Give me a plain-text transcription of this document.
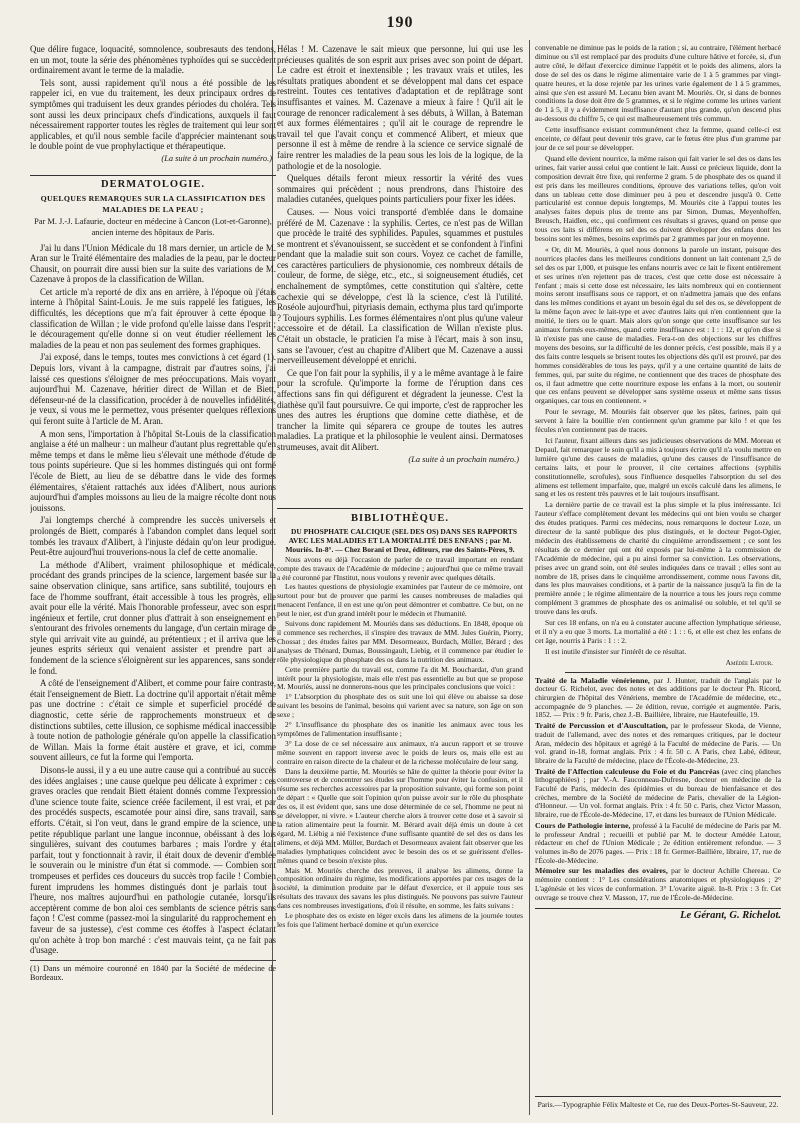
190

Que délire fugace, loquacité, somnolence, soubresauts des tendons, en un mot, toute la série des phénomènes typhoïdes qui se succèdent ordinairement avant le terme de la maladie.

Tels sont, aussi rapidement qu'il nous a été possible de les rappeler ici, en vue du traitement, les deux principaux ordres de symptômes qui traduisent les deux grandes périodes du choléra. Tels sont aussi les deux principaux chefs d'indications, auxquels il faut nécessairement rapporter toutes les règles de traitement qui leur sont applicables, et qu'il nous semble facile d'apprécier maintenant sous le double point de vue prophylactique et thérapeutique.

(La suite à un prochain numéro.)
DERMATOLOGIE.
QUELQUES REMARQUES SUR LA CLASSIFICATION DES MALADIES DE LA PEAU ;
Par M. J.-J. Lafaurie, docteur en médecine à Cancon (Lot-et-Garonne), ancien interne des hôpitaux de Paris.

J'ai lu dans l'Union Médicale du 18 mars dernier, un article de M. Aran sur le Traité élémentaire des maladies de la peau, par le docteur Chausit, on pourrait dire aussi bien sur la suite des variations de M. Cazenave à propos de la classification de Willan.

Cet article m'a reporté de dix ans en arrière, à l'époque où j'étais interne à l'hôpital Saint-Louis. Je me suis rappelé les fatigues, les difficultés, les déceptions que m'a fait éprouver à cette époque la classification de Willan ; le vide profond qu'elle laisse dans l'esprit ; le découragement qu'elle donne si on veut étudier réellement les maladies de la peau et non pas seulement des formes graphiques.

J'ai exposé, dans le temps, toutes mes convictions à cet égard (1). Depuis lors, vivant à la campagne, distrait par d'autres soins, j'ai laissé ces questions s'éloigner de mes préoccupations. Mais voyant aujourd'hui M. Cazenave, héritier direct de Willan et de Biett, défenseur-né de la classification, procéder à de nouvelles infidélités, je veux, si vous me le permettez, vous présenter quelques réflexions qui feront suite à l'article de M. Aran.

A mon sens, l'importation à l'hôpital St-Louis de la classification anglaise a été un malheur : un malheur d'autant plus regrettable qu'en même temps et dans le même lieu s'élevait une méthode d'étude de tous points supérieure. Que si les hommes distingués qui ont formé l'école de Biett, au lieu de se débattre dans le vide des formes élémentaires, s'étaient rattachés aux idées d'Alibert, nous aurions aujourd'hui d'amples moissons au lieu de la maigre récolte dont nous jouissons.

J'ai longtemps cherché à comprendre les succès universels et prolongés de Biett, comparés à l'abandon complet dans lequel sont tombés les travaux d'Alibert, à l'injuste dédain qu'on leur prodigue. Peut-être aujourd'hui trouverions-nous la clef de cette anomalie.

La méthode d'Alibert, vraiment philosophique et médicale, procédant des grands principes de la science, largement basée sur la saine observation clinique, sans artifice, sans subtilité, toujours en face de l'homme souffrant, était accessible à tous les progrès, elle avait pour elle la vérité. Mais l'honorable professeur, avec son esprit ingénieux et fertile, crut donner plus d'attrait à son enseignement en s'entourant des frivoles ornements du langage, d'un certain mirage de style qui arrivait vite au guindé, au prétentieux ; et il arriva que les jeunes esprits sérieux qui venaient assister et prendre part au fondement de la science s'éloignèrent sur les apparences, sans sonder le fond.

A côté de l'enseignement d'Alibert, et comme pour faire contraste, était l'enseignement de Biett. La doctrine qu'il apportait n'était même pas une doctrine : c'était ce simple et superficiel procédé de diagnostic, cette série de rapprochements monstrueux et de distinctions subtiles, cette illusion, ce sophisme médical inaccessible à toute notion de pathologie générale qu'on appelle la classification de Willan. Mais la forme était austère et grave, et ici, comme souvent ailleurs, ce fut la forme qui l'emporta.

Disons-le aussi, il y a eu une autre cause qui a contribué au succès des idées anglaises ; une cause quelque peu délicate à exprimer : ces graves oracles que rendait Biett étaient donnés comme l'expression d'une science toute faite, science créée facilement, il est vrai, et par des procédés suspects, escamotée pour ainsi dire, sans travail, sans efforts. C'était, si l'on veut, dans le grand empire de la science, une petite république parlant une langue inconnue, obéissant à des lois singulières, suivant des coutumes barbares ; mais l'ordre y était parfait, tout y fonctionnait à ravir, il était doux de devenir d'emblée le souverain ou le ministre d'un état si commode. — Combien sont trompeuses et perfides ces douceurs du succès trop facile ! Combien furent imprudens les hommes distingués dont je parlais tout à l'heure, nos maîtres aujourd'hui en pathologie cutanée, lorsqu'ils acceptèrent comme de bon aloi ces semblants de science pétris sans façon ! C'est comme (passez-moi la singularité du rapprochement en faveur de sa justesse), c'est comme ces étoffes à l'aspect éclatant qu'on achète à trop bon marché : c'est mauvais teint, ça ne fait pas d'usage.

(1) Dans un mémoire couronné en 1840 par la Société de médecine de Bordeaux.

Hélas ! M. Cazenave le sait mieux que personne, lui qui use les précieuses qualités de son esprit aux prises avec son point de départ. Le cadre est étroit et inextensible ; les travaux vrais et utiles, les résultats pratiques abondent et se développent mal dans cet espace restreint. Toutes ces tentatives d'adaptation et de replâtrage sont insuffisantes et vaines. M. Cazenave a mieux à faire ! Qu'il ait le courage de renoncer radicalement à ses débuts, à Willan, à Bateman et aux formes élémentaires ; qu'il ait le courage de reprendre le travail tel que l'avait conçu et commencé Alibert, et mieux que personne il est à même de rendre à la science ce service signalé de faire rentrer les maladies de la peau sous les lois de la logique, de la pathologie et de la nosologie.

Quelques détails feront mieux ressortir la vérité des vues sommaires qui précèdent ; nous prendrons, dans l'histoire des maladies cutanées, quelques points particuliers pour fixer les idées.

Causes. — Nous voici transporté d'emblée dans le domaine préféré de M. Cazenave : la syphilis. Certes, ce n'est pas de Willan que procède le traité des syphilides. Papules, squammes et pustules se montrent et s'évanouissent, se succèdent et se confondent à l'infini pendant que la maladie suit son cours. Voyez ce cachet de famille, ces caractères particuliers de physionomie, ces nombreux détails de couleur, de forme, de siège, etc., etc., si soigneusement étudiés, cet enchaînement de symptômes, cette constitution qui s'altère, cette cachexie qui se développe, c'est là la science, c'est là l'utilité. Roséole aujourd'hui, pityriasis demain, ecthyma plus tard qu'importe ? Toujours syphilis. Les formes élémentaires n'ont plus qu'une valeur accessoire et de détail. La classification de Willan n'existe plus. C'était un obstacle, le praticien l'a mise à l'écart, mais à son insu, sans se l'avouer, c'est au chapitre d'Alibert que M. Cazenave a aussi merveilleusement développé et enrichi.

Ce que l'on fait pour la syphilis, il y a le même avantage à le faire pour la scrofule. Qu'importe la forme de l'éruption dans ces affections sans fin qui défigurent et dégradent la jeunesse. C'est la diathèse qu'il faut poursuivre. Ce qui importe, c'est de rapprocher les unes des autres les éruptions que domine cette diathèse, et de trancher la limite qui séparera ce groupe de toutes les autres maladies. La pratique et la philosophie le veulent ainsi. Dermatoses strumeuses, avait dit Alibert.

(La suite à un prochain numéro.)
BIBLIOTHÈQUE.

DU PHOSPHATE CALCIQUE (SEL DES OS) DANS SES RAPPORTS AVEC LES MALADIES ET LA MORTALITÉ DES ENFANS ; par M. Mouriès. In-8°. — Chez Borani et Droz, éditeurs, rue des Saints-Pères, 9.

Nous avons eu déjà l'occasion de parler de ce travail important en rendant compte des travaux de l'Académie de médecine ; aujourd'hui que ce même travail a été couronné par l'Institut, nous voulons y revenir avec quelques détails.

Les hautes questions de physiologie examinées par l'auteur de ce mémoire, ont surtout pour but de prouver que parmi les causes nombreuses de maladies qui menacent l'enfance, il en est une qu'on peut démontrer et combattre. Ce but, on ne peut le nier, est d'un grand intérêt pour le médecin et l'humanité.

Suivons donc rapidement M. Mouriès dans ses déductions. En 1848, époque où il commence ses recherches, il s'inspire des travaux de MM. Jules Guérin, Piorry, Chossat ; des études faites par MM. Desormeaux, Burdach, Müller, Bérard ; des analyses de Thénard, Dumas, Boussingault, Liebig, et il commence par étudier le rôle physiologique du phosphate des os dans la nutrition des animaux.

Cette première partie du travail est, comme l'a dit M. Bouchardat, d'un grand intérêt pour la physiologiste, mais elle n'est pas essentielle au but que se propose M. Mouriès, aussi ne donnerons-nous que les principales conclusions que voici :

1° L'absorption du phosphate des os suit une loi qui élève ou abaisse sa dose suivant les besoins de l'animal, besoins qui varient avec sa nature, son âge on son sexe ;

2° L'insuffisance du phosphate des os inanitie les animaux avec tous les symptômes de l'alimentation insuffisante ;

3° La dose de ce sel nécessaire aux animaux, n'a aucun rapport et se trouve même souvent en rapport inverse avec le poids de leurs os, mais elle est au contraire en raison directe de la chaleur et de la richesse moléculaire de leur sang.

Dans la deuxième partie, M. Mouriès se hâte de quitter la théorie pour éviter la controverse et de concentrer ses études sur l'homme pour éviter la confusion, et il résume ses recherches accessoires par la proposition suivante, qui forme son point de départ : « Quelle que soit l'opinion qu'on puisse avoir sur le rôle du phosphate des os, il est évident que, sans une dose déterminée de ce sel, l'homme ne peut ni se développer, ni vivre. » L'auteur cherche alors à trouver cette dose et à savoir si la ration alimentaire peut la fournir. M. Bérard avait déjà émis un doute à cet égard, M. Liébig a nié l'existence d'une suffisante quantité de sel des os dans les alimens, et déjà MM. Müller, Burdach et Desormeaux avaient fait observer que les maladies lymphatiques coïncident avec le besoin des os et se guérissent d'elles-mêmes quand ce besoin n'existe plus.

Mais M. Mouriès cherche des preuves, il analyse les alimens, donne la composition ordinaire du régime, les modifications apportées par ces usages de la société, la diminution produite par le défaut d'exercice, et il appuie tous ses résultats des travaux des savans les plus distingués. Ne pouvons pas suivre l'auteur dans ces nombreuses investigations, d'où il résulte, en somme, les faits suivans :

Le phosphate des os existe en léger excès dans les alimens de la journée toutes les fois que l'aliment herbacé domine et qu'un exercice

convenable ne diminue pas le poids de la ration ; si, au contraire, l'élément herbacé diminue ou s'il est remplacé par des produits d'une culture hâtive et forcée, si, d'un autre côté, le défaut d'exercice diminue l'appétit et le poids des alimens, alors la dose de sel des os dans le régime alimentaire varie de 1 à 5 grammes par vingt-quatre heures, et la dose rejetée par les urines varie également de 1 à 5 grammes, ainsi que s'en est assuré M. Lecanu bien avant M. Mouriès. Or, si dans de bonnes conditions la dose doit être de 5 grammes, et si le régime comme les urines varient de 1 à 5, il y a évidemment insuffisance d'autant plus grande, qu'on descend plus au-dessous du chiffre 5, ce qui est malheureusement très commun.

Cette insuffisance existant communément chez la femme, quand celle-ci est enceinte, ce défaut peut devenir très grave, car le fœtus étre plus d'un gramme par jour de ce sel pour se développer.

Quand elle devient nourrice, la même raison qui fait varier le sel des os dans les urines, fait varier aussi celui que contient le lait. Aussi ce précieux liquide, dont la composition devrait être fixe, qui renferme 2 gram. 5 de phosphate des os quand il est pris dans les meilleures conditions, éprouve des variations telles, qu'on voit dans un tableau cette dose diminuer peu à peu et descendre jusqu'à 0. Cette particularité est connue depuis longtemps, M. Mouriès cite à l'appui toutes les analyses faites depuis plus de trente ans par Simon, Dumas, Meyenhoffen, Breusch, Haidlen, etc., qui confirment ces résultats si graves, quand on pense que tous ces laits si différens en sel des os doivent développer des enfans dont les besoins sont les mêmes, besoins exprimés par 2 grammes par jour en moyenne.

« Or, dit M. Mouriès, à quel nous donnons la parole un instant, puisque des nourrices placées dans les meilleures conditions donnent un lait contenant 2,5 de sel des os par 1,000, et puisque les enfans nourris avec ce lait le fixent entièrement et ses urines n'en rejettent pas de traces, c'est que cette dose est nécessaire à l'enfant ; mais si cette dose est nécessaire, les laits nombreux qui en contiennent moins seront insuffisans sous ce rapport, et on n'admettra jamais que des enfans dans les mêmes conditions et ayant un besoin égal du sel des os, se développent de la même façon avec le lait-type et avec d'autres laits qui n'en contiennent que la moitié, le tiers ou le quart. Mais alors qu'on songe que cette insuffisance sur les animaux formés eux-mêmes, quand cette insuffisance est : 1 : : 12, et qu'on dise si là n'existe pas une cause de maladies. Fera-t-on des objections sur les chiffres moyens des besoins, sur la difficulté de les donner précis, c'est possible, mais il y a des faits contre lesquels se brisent toutes les objections dès qu'il est prouvé, par des hommes considérables de tous les pays, qu'il y a une certaine quantité de laits de femmes, qui, par suite du régime, ne contiennent que des traces de phosphate des os, il faut admettre que cette nourriture expose les enfans à la mort, ou soutenir que ces enfans peuvent se développer sans système osseux et même sans tissus organiques, car tous en contiennent. »

Pour le sevrage, M. Mouriès fait observer que les pâtes, farines, pain qui servent à faire la bouillie n'en contiennent qu'un gramme par kilo ! et que les fécules n'en contiennent pas de traces.

Ici l'auteur, fixant ailleurs dans ses judicieuses observations de MM. Moreau et Depaul, fait remarquer le soin qu'il a mis à toujours écrire qu'il n'a voulu mettre en lumière qu'une des causes de maladies, qu'une des causes de l'insuffisance de certains laits, et pour le prouver, il cite certaines affections (syphilis constitutionnelle, scrofules), sous l'influence desquelles l'absorption du sel des alimens est tellement imparfaite, que, malgré un excès calculé dans les alimens, le sang et les os restent très pauvres et le lait toujours insuffisant.

La dernière partie de ce travail est la plus simple et la plus intéressante. Ici l'auteur s'efface complètement devant les médecins qui ont bien voulu se charger des études pratiques. Parmi ces médecins, nous remarquons le docteur Loze, un directeur de la santé publique des plus distingués, et le docteur Pegot-Ogier, médecin des établissemens de charité du cinquième arrondissement ; ce sont les résultats de ce dernier qui ont été exposés par lui-même à la commission de l'Académie de médecine, qui a pu ainsi former sa conviction. Les observations, prises avec un grand soin, ont été seules indiquées dans ce travail ; elles sont au nombre de 18, prises dans le cinquième arrondissement, comme nous l'avons dit, dans les plus mauvaises conditions, et à partir de la naissance jusqu'à la fin de la première année ; le régime alimentaire de la nourrice a tous les jours reçu comme complément 3 grammes de phosphate des os animalisé ou soluble, et tel qu'il se trouve dans les œufs.

Sur ces 18 enfans, on n'a eu à constater aucune affection lymphatique sérieuse, et il n'y a eu que 3 morts. La mortalité a été : 1 : : 6, et elle est chez les enfans de cet âge, nourris à Paris : 1 : : 2.

Il est inutile d'insister sur l'intérêt de ce résultat.

Amédée Latour.

Traité de la Maladie vénérienne, par J. Hunter, traduit de l'anglais par le docteur G. Richelot, avec des notes et des additions par le docteur Ph. Ricord, chirurgien de l'hôpital des Vénériens, membre de l'Académie de médecine, etc., accompagnée de 9 planches. — 2e édition, revue, corrigée et augmentée. Paris, 1852. — Prix : 9 fr. Paris, chez J.-B. Baillière, libraire, rue Hautefeuille, 19.

Traité de Percussion et d'Auscultation, par le professeur Skoda, de Vienne, traduit de l'allemand, avec des notes et des remarques critiques, par le docteur Aran, médecin des hôpitaux et agrégé à la Faculté de médecine de Paris. — Un vol. grand in-18, format anglais. Prix : 4 fr. 50 c. A Paris, chez Labé, éditeur, libraire de la Faculté de médecine, place de l'École-de-Médecine, 23.

Traité de l'Affection calculeuse du Foie et du Pancréas (avec cinq planches lithographiées) ; par V.-A. Fauconneau-Dufresne, docteur en médecine de la Faculté de Paris, médecin des épidémies et du bureau de bienfaisance et des crèches, membre de la Société de médecine de Paris, chevalier de la Légion-d'Honneur. — Un vol. format anglais. Prix : 4 fr. 50 c. Paris, chez Victor Masson, libraire, rue de l'École-de-Médecine, 17, et dans les bureaux de l'Union Médicale.

Cours de Pathologie interne, professé à la Faculté de médecine de Paris par M. le professeur Andral ; recueilli et publié par M. le docteur Amédée Latour, rédacteur en chef de l'Union Médicale ; 2e édition entièrement refondue. — 3 volumes in-8o de 2076 pages. — Prix : 18 fr. Germer-Baillière, libraire, 17, rue de l'École-de-Médecine.

Mémoire sur les maladies des ovaires, par le docteur Achille Chereau. Ce mémoire contient : 1° Les considérations anatomiques et physiologiques ; 2° L'agénésie et les vices de conformation. 3° L'ovarite aiguë. In-8. Prix : 3 fr. Cet ouvrage se trouve chez V. Masson, 17, rue de l'École-de-Médecine.

Le Gérant, G. Richelot.
Paris.—Typographie Félix Malteste et Ce, rue des Deux-Portes-St-Sauveur, 22.
